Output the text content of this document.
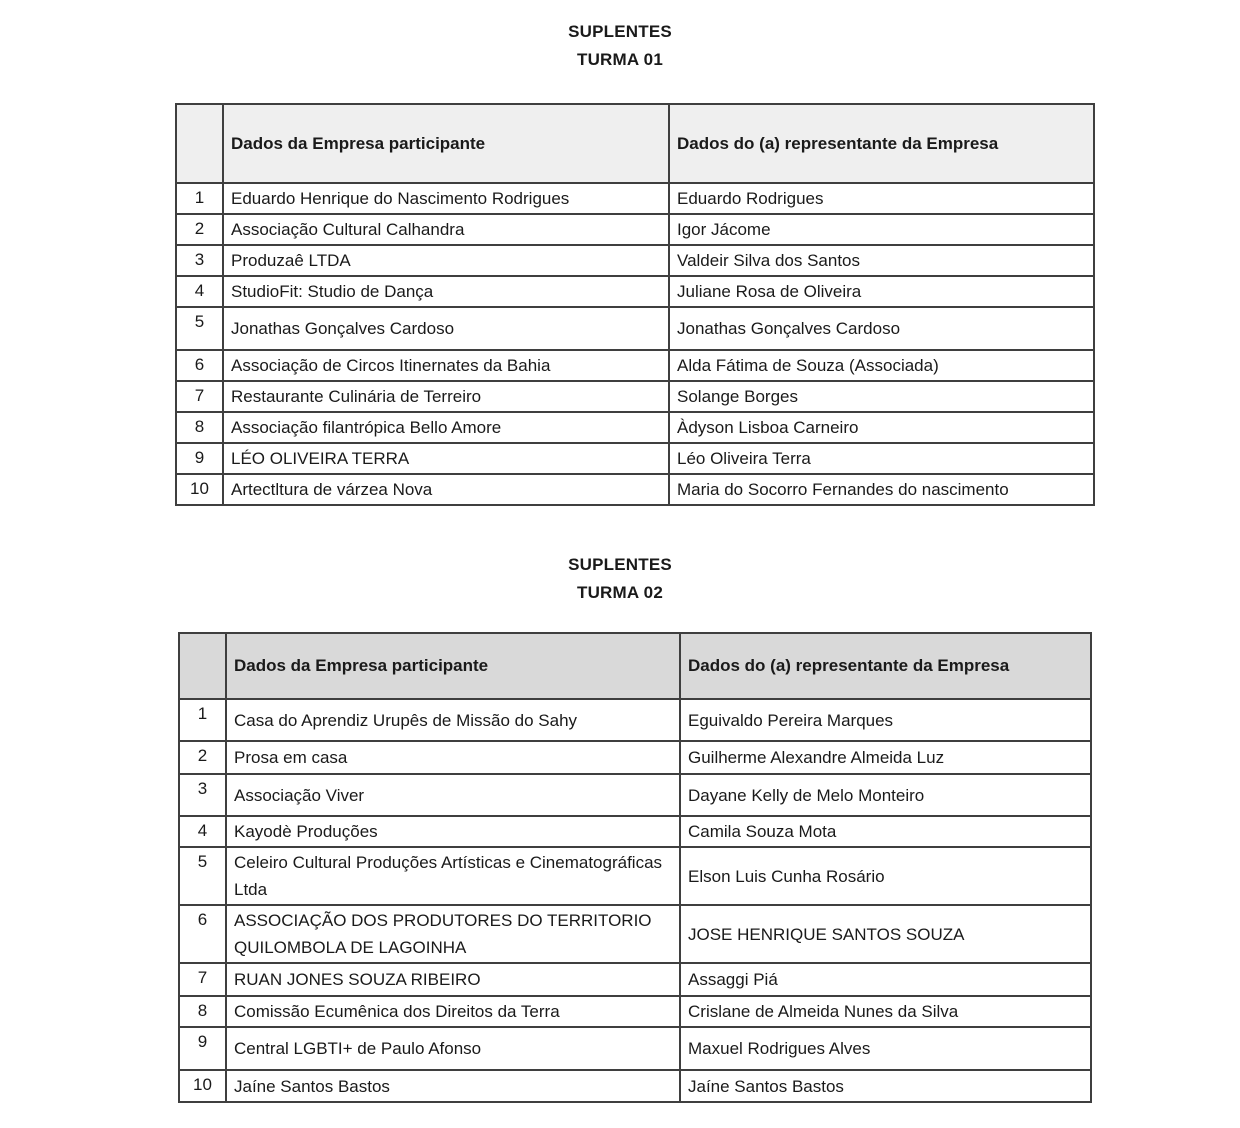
SUPLENTES
TURMA 01
	Dados da Empresa participante	Dados do (a) representante da Empresa
1	Eduardo Henrique do Nascimento Rodrigues	Eduardo Rodrigues
2	Associação Cultural Calhandra	Igor Jácome
3	Produzaê LTDA	Valdeir Silva dos Santos
4	StudioFit: Studio de Dança	Juliane Rosa de Oliveira
5	Jonathas Gonçalves Cardoso	Jonathas Gonçalves Cardoso
6	Associação de Circos Itinernates da Bahia	Alda Fátima de Souza (Associada)
7	Restaurante Culinária de Terreiro	Solange Borges
8	Associação filantrópica Bello Amore	Àdyson Lisboa Carneiro
9	LÉO OLIVEIRA TERRA	Léo Oliveira Terra
10	Artectltura de várzea Nova	Maria do Socorro Fernandes do nascimento
SUPLENTES
TURMA 02
	Dados da Empresa participante	Dados do (a) representante da Empresa
1	Casa do Aprendiz Urupês de Missão do Sahy	Eguivaldo Pereira Marques
2	Prosa em casa	Guilherme Alexandre Almeida Luz
3	Associação Viver	Dayane Kelly de Melo Monteiro
4	Kayodè Produções	Camila Souza Mota
5	Celeiro Cultural Produções Artísticas e Cinematográficas Ltda	Elson Luis Cunha Rosário
6	ASSOCIAÇÃO DOS PRODUTORES DO TERRITORIO QUILOMBOLA DE LAGOINHA	JOSE HENRIQUE SANTOS SOUZA
7	RUAN JONES SOUZA RIBEIRO	Assaggi Piá
8	Comissão Ecumênica dos Direitos da Terra	Crislane de Almeida Nunes da Silva
9	Central LGBTI+ de Paulo Afonso	Maxuel Rodrigues Alves
10	Jaíne Santos Bastos	Jaíne Santos Bastos
